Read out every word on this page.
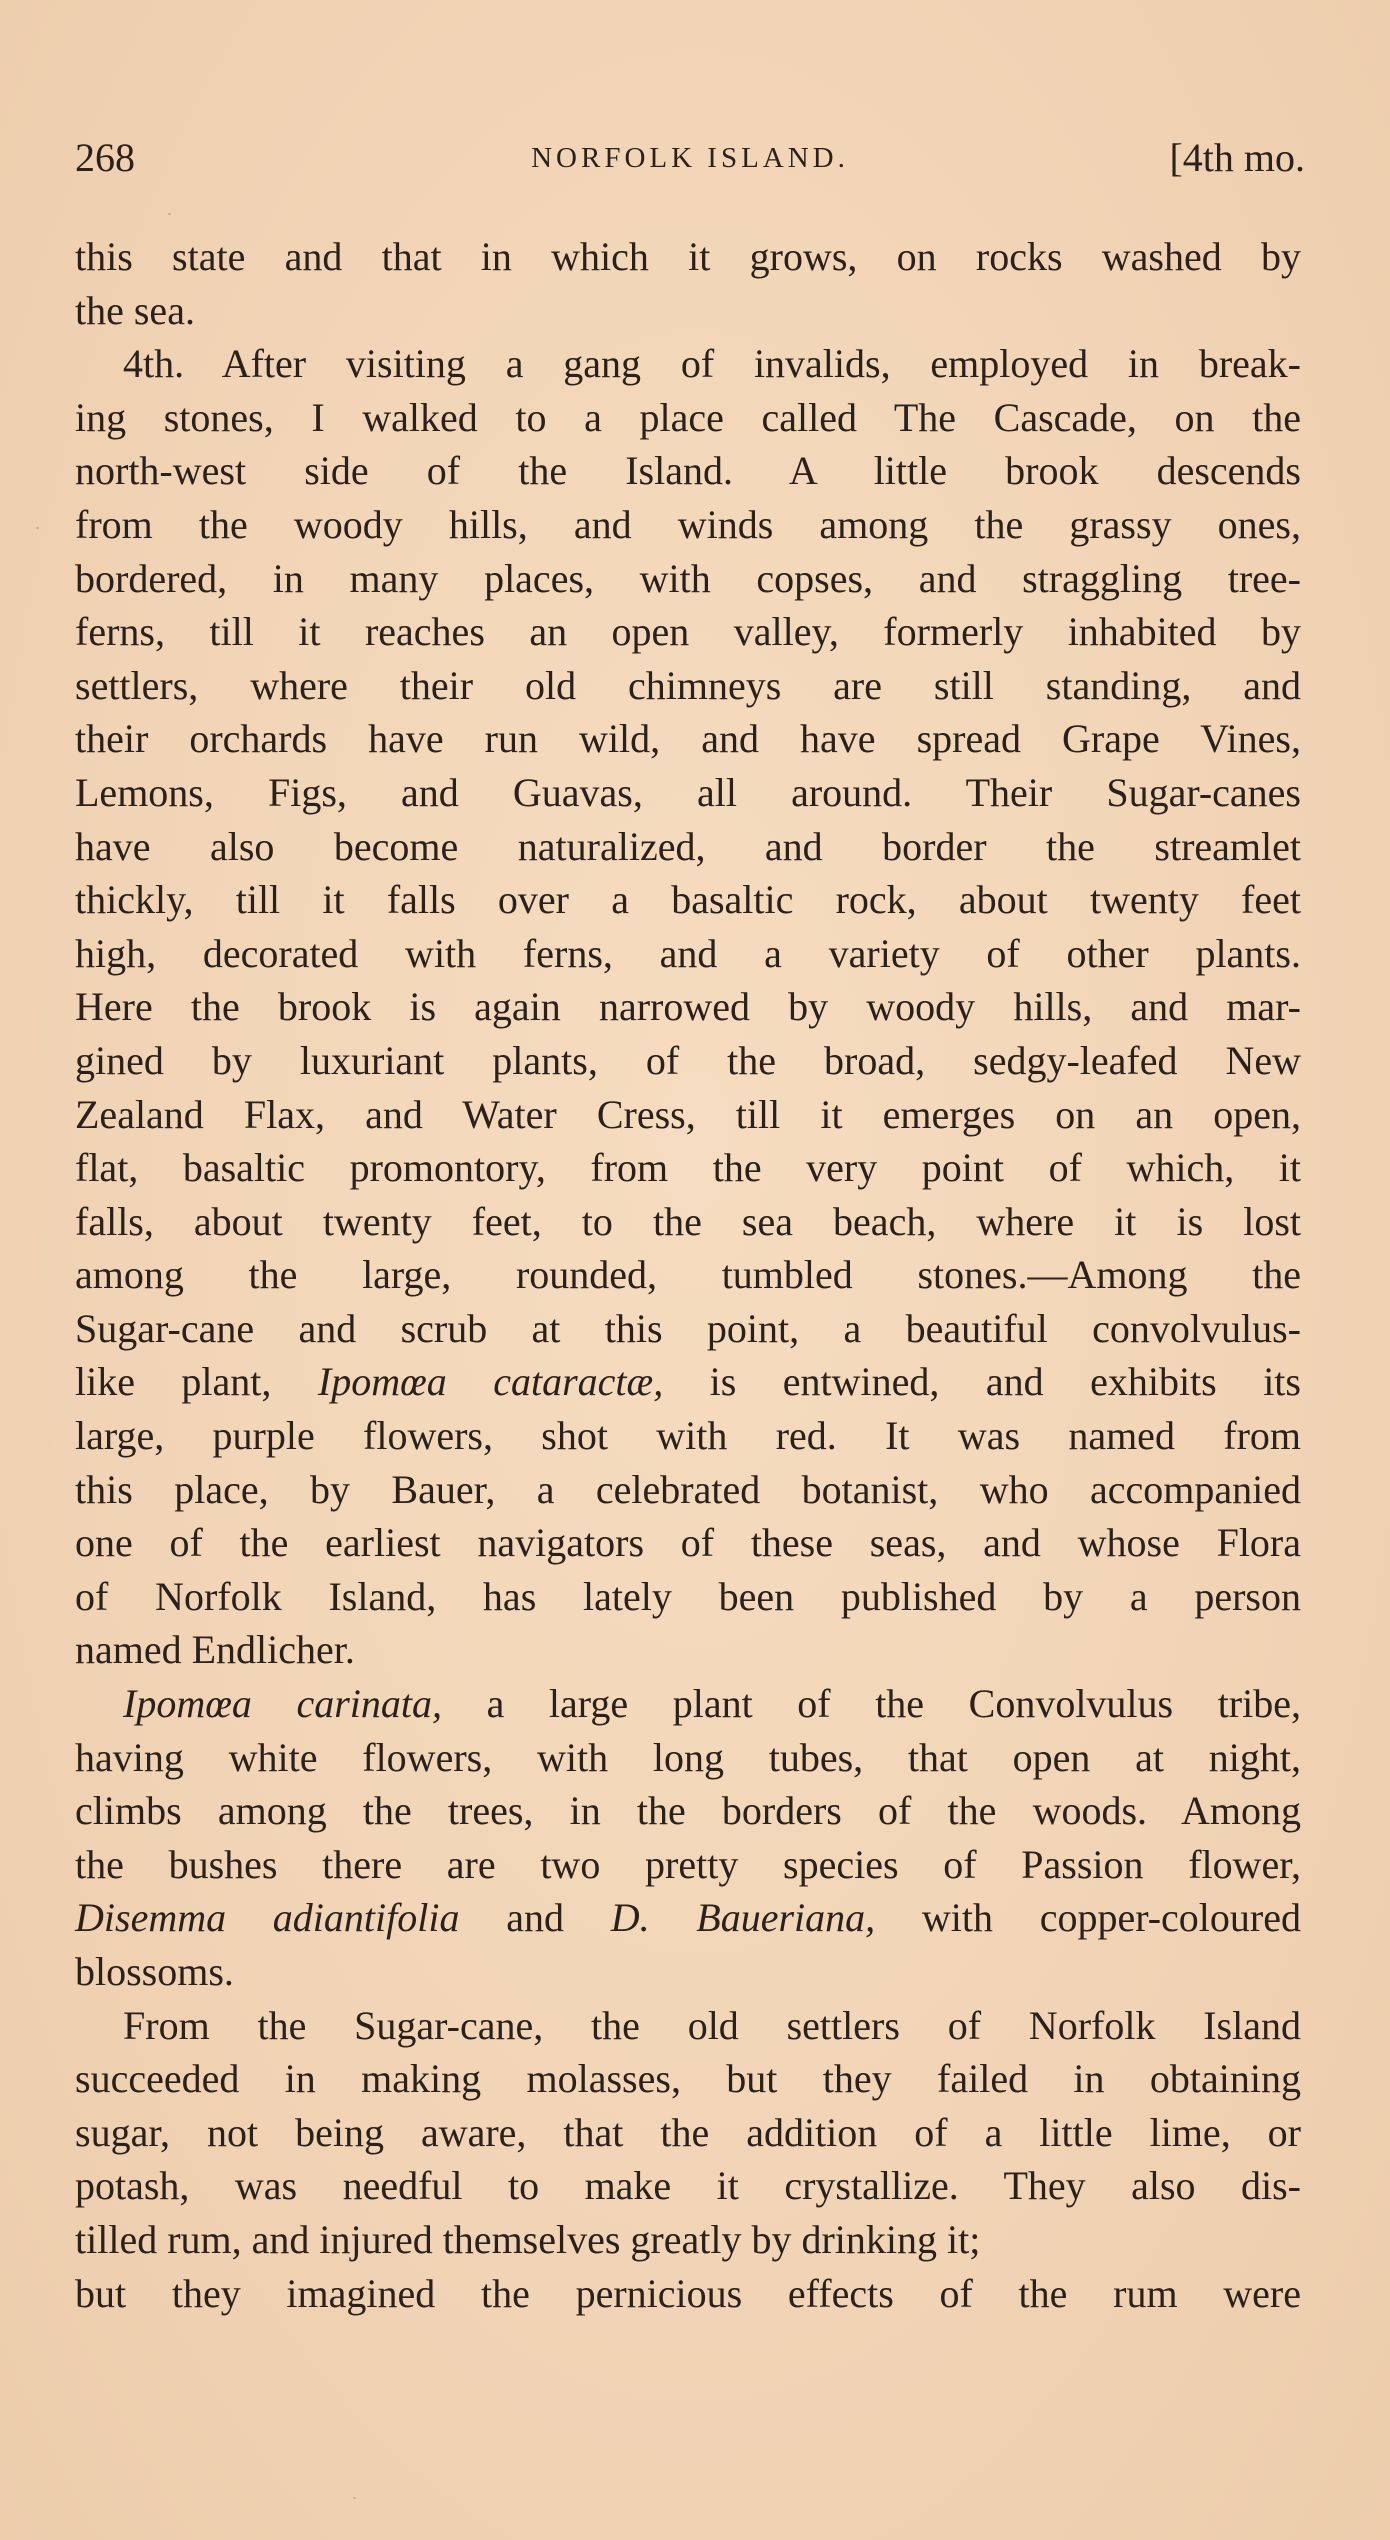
268	NORFOLK ISLAND.	[4th mo.
this state and that in which it grows, on rocks washed by
the sea.
4th. After visiting a gang of invalids, employed in break-
ing stones, I walked to a place called The Cascade, on the
north-west side of the Island. A little brook descends
from the woody hills, and winds among the grassy ones,
bordered, in many places, with copses, and straggling tree-
ferns, till it reaches an open valley, formerly inhabited by
settlers, where their old chimneys are still standing, and
their orchards have run wild, and have spread Grape Vines,
Lemons, Figs, and Guavas, all around. Their Sugar-canes
have also become naturalized, and border the streamlet
thickly, till it falls over a basaltic rock, about twenty feet
high, decorated with ferns, and a variety of other plants.
Here the brook is again narrowed by woody hills, and mar-
gined by luxuriant plants, of the broad, sedgy-leafed New
Zealand Flax, and Water Cress, till it emerges on an open,
flat, basaltic promontory, from the very point of which, it
falls, about twenty feet, to the sea beach, where it is lost
among the large, rounded, tumbled stones.—Among the
Sugar-cane and scrub at this point, a beautiful convolvulus-
like plant, Ipomœa cataractæ, is entwined, and exhibits its
large, purple flowers, shot with red. It was named from
this place, by Bauer, a celebrated botanist, who accompanied
one of the earliest navigators of these seas, and whose Flora
of Norfolk Island, has lately been published by a person
named Endlicher.
Ipomœa carinata, a large plant of the Convolvulus tribe,
having white flowers, with long tubes, that open at night,
climbs among the trees, in the borders of the woods. Among
the bushes there are two pretty species of Passion flower,
Disemma adiantifolia and D. Baueriana, with copper-coloured
blossoms.
From the Sugar-cane, the old settlers of Norfolk Island
succeeded in making molasses, but they failed in obtaining
sugar, not being aware, that the addition of a little lime, or
potash, was needful to make it crystallize. They also dis-
tilled rum, and injured themselves greatly by drinking it;
but they imagined the pernicious effects of the rum were
